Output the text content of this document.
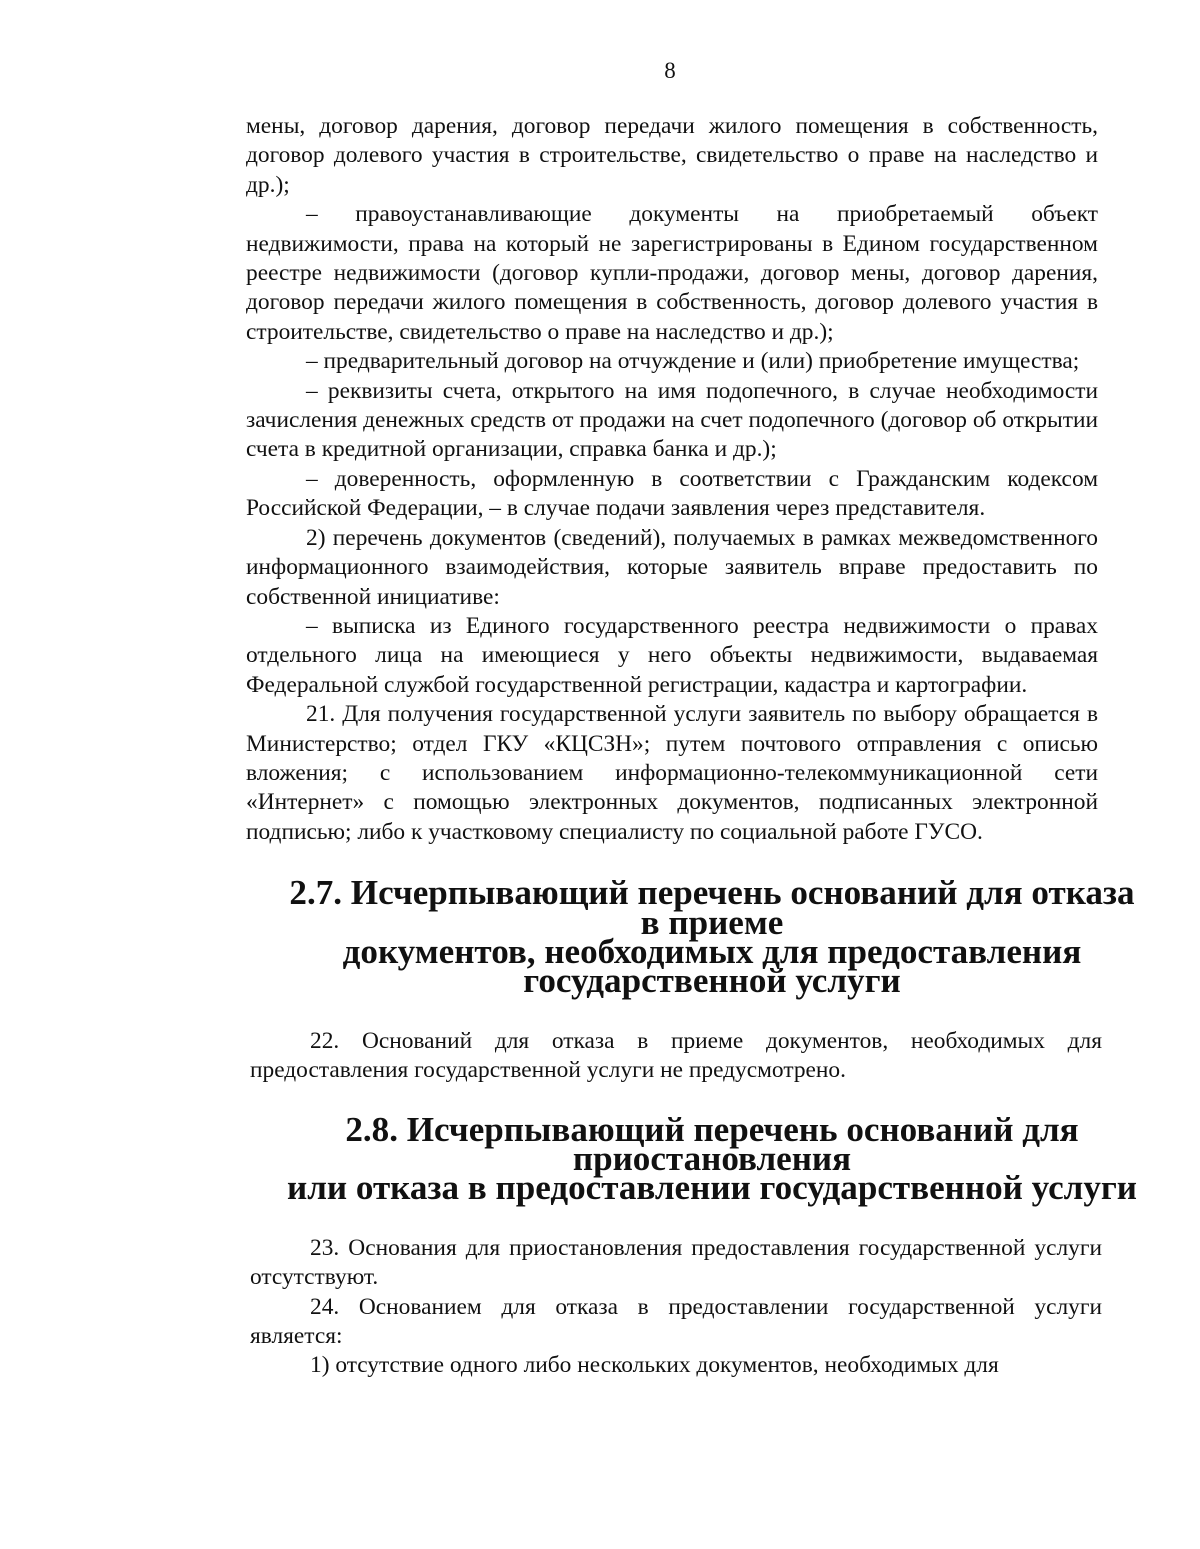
8

мены, договор дарения, договор передачи жилого помещения в собственность, договор долевого участия в строительстве, свидетельство о праве на наследство и др.);

– правоустанавливающие документы на приобретаемый объект недвижимости, права на который не зарегистрированы в Едином государственном реестре недвижимости (договор купли-продажи, договор мены, договор дарения, договор передачи жилого помещения в собственность, договор долевого участия в строительстве, свидетельство о праве на наследство и др.);

– предварительный договор на отчуждение и (или) приобретение имущества;

– реквизиты счета, открытого на имя подопечного, в случае необходимости зачисления денежных средств от продажи на счет подопечного (договор об открытии счета в кредитной организации, справка банка и др.);

– доверенность, оформленную в соответствии с Гражданским кодексом Российской Федерации, – в случае подачи заявления через представителя.

2) перечень документов (сведений), получаемых в рамках межведомственного информационного взаимодействия, которые заявитель вправе предоставить по собственной инициативе:

– выписка из Единого государственного реестра недвижимости о правах отдельного лица на имеющиеся у него объекты недвижимости, выдаваемая Федеральной службой государственной регистрации, кадастра и картографии.

21. Для получения государственной услуги заявитель по выбору обращается в Министерство; отдел ГКУ «КЦСЗН»; путем почтового отправления с описью вложения; с использованием информационно-телекоммуникационной сети «Интернет» с помощью электронных документов, подписанных электронной подписью; либо к участковому специалисту по социальной работе ГУСО.

2.7. Исчерпывающий перечень оснований для отказа в приеме
документов, необходимых для предоставления
государственной услуги

22. Оснований для отказа в приеме документов, необходимых для предоставления государственной услуги не предусмотрено.

2.8. Исчерпывающий перечень оснований для приостановления
или отказа в предоставлении государственной услуги

23. Основания для приостановления предоставления государственной услуги отсутствуют.

24. Основанием для отказа в предоставлении государственной услуги является:

1) отсутствие одного либо нескольких документов, необходимых для
